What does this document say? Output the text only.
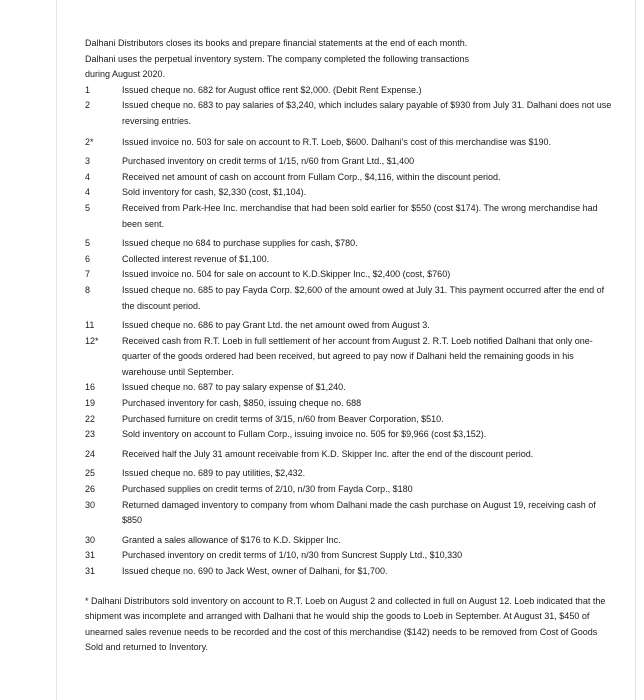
Dalhani Distributors closes its books and prepare financial statements at the end of each month.

Dalhani uses the perpetual inventory system. The company completed the following transactions

during August 2020.

1	Issued cheque no. 682 for August office rent $2,000. (Debit Rent Expense.)
2	Issued cheque no. 683 to pay salaries of $3,240, which includes salary payable of $930 from July 31. Dalhani does not use reversing entries.
2*	Issued invoice no. 503 for sale on account to R.T. Loeb, $600. Dalhani's cost of this merchandise was $190.
3	Purchased inventory on credit terms of 1/15, n/60 from Grant Ltd., $1,400
4	Received net amount of cash on account from Fullam Corp., $4,116, within the discount period.
4	Sold inventory for cash, $2,330 (cost, $1,104).
5	Received from Park-Hee Inc. merchandise that had been sold earlier for $550 (cost $174). The wrong merchandise had been sent.
5	Issued cheque no 684 to purchase supplies for cash, $780.
6	Collected interest revenue of $1,100.
7	Issued invoice no. 504 for sale on account to K.D.Skipper Inc., $2,400 (cost, $760)
8	Issued cheque no. 685 to pay Fayda Corp. $2,600 of the amount owed at July 31. This payment occurred after the end of the discount period.
11	Issued cheque no. 686 to pay Grant Ltd. the net amount owed from August 3.
12*	Received cash from R.T. Loeb in full settlement of her account from August 2. R.T. Loeb notified Dalhani that only one-quarter of the goods ordered had been received, but agreed to pay now if Dalhani held the remaining goods in his warehouse until September.
16	Issued cheque no. 687 to pay salary expense of $1,240.
19	Purchased inventory for cash, $850, issuing cheque no. 688
22	Purchased furniture on credit terms of 3/15, n/60 from Beaver Corporation, $510.
23	Sold inventory on account to Fullam Corp., issuing invoice no. 505 for $9,966 (cost $3,152).
24	Received half the July 31 amount receivable from K.D. Skipper Inc. after the end of the discount period.
25	Issued cheque no. 689 to pay utilities, $2,432.
26	Purchased supplies on credit terms of 2/10, n/30 from Fayda Corp., $180
30	Returned damaged inventory to company from whom Dalhani made the cash purchase on August 19, receiving cash of $850
30	Granted a sales allowance of $176 to K.D. Skipper Inc.
31	Purchased inventory on credit terms of 1/10, n/30 from Suncrest Supply Ltd., $10,330
31	Issued cheque no. 690 to Jack West, owner of Dalhani, for $1,700.

* Dalhani Distributors sold inventory on account to R.T. Loeb on August 2 and collected in full on August 12. Loeb indicated that the shipment was incomplete and arranged with Dalhani that he would ship the goods to Loeb in September. At August 31, $450 of unearned sales revenue needs to be recorded and the cost of this merchandise ($142) needs to be removed from Cost of Goods Sold and returned to Inventory.
